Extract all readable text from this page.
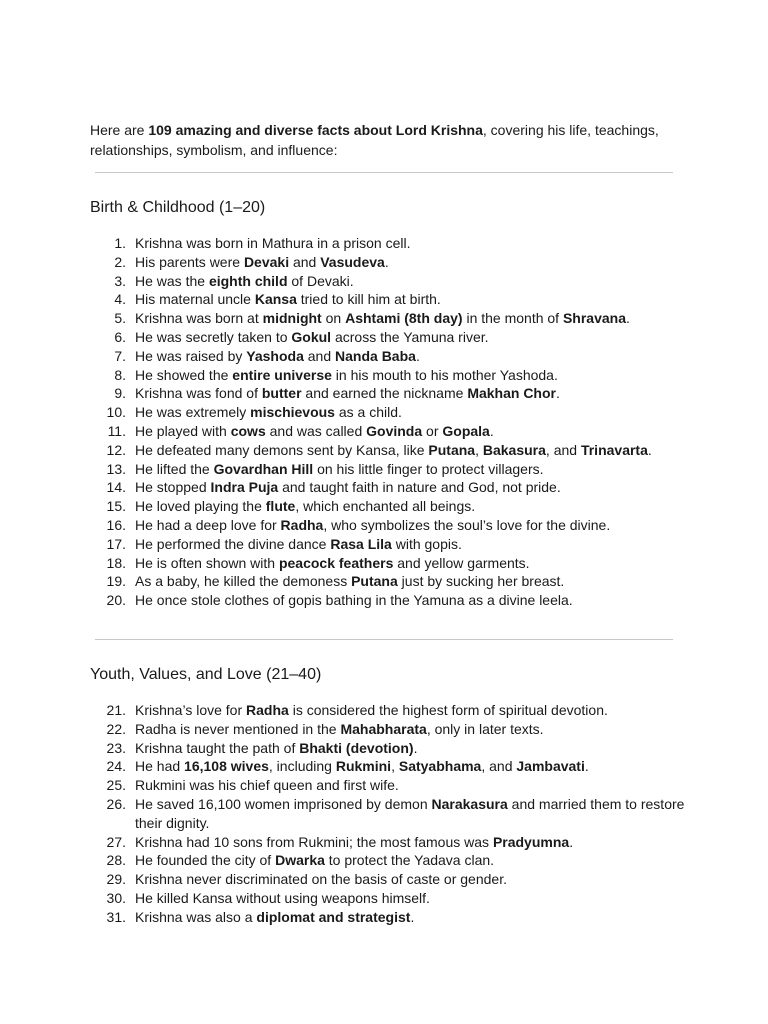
Here are 109 amazing and diverse facts about Lord Krishna, covering his life, teachings, relationships, symbolism, and influence:

Birth & Childhood (1–20)
1. Krishna was born in Mathura in a prison cell.
2. His parents were Devaki and Vasudeva.
3. He was the eighth child of Devaki.
4. His maternal uncle Kansa tried to kill him at birth.
5. Krishna was born at midnight on Ashtami (8th day) in the month of Shravana.
6. He was secretly taken to Gokul across the Yamuna river.
7. He was raised by Yashoda and Nanda Baba.
8. He showed the entire universe in his mouth to his mother Yashoda.
9. Krishna was fond of butter and earned the nickname Makhan Chor.
10. He was extremely mischievous as a child.
11. He played with cows and was called Govinda or Gopala.
12. He defeated many demons sent by Kansa, like Putana, Bakasura, and Trinavarta.
13. He lifted the Govardhan Hill on his little finger to protect villagers.
14. He stopped Indra Puja and taught faith in nature and God, not pride.
15. He loved playing the flute, which enchanted all beings.
16. He had a deep love for Radha, who symbolizes the soul’s love for the divine.
17. He performed the divine dance Rasa Lila with gopis.
18. He is often shown with peacock feathers and yellow garments.
19. As a baby, he killed the demoness Putana just by sucking her breast.
20. He once stole clothes of gopis bathing in the Yamuna as a divine leela.
Youth, Values, and Love (21–40)
21. Krishna’s love for Radha is considered the highest form of spiritual devotion.
22. Radha is never mentioned in the Mahabharata, only in later texts.
23. Krishna taught the path of Bhakti (devotion).
24. He had 16,108 wives, including Rukmini, Satyabhama, and Jambavati.
25. Rukmini was his chief queen and first wife.
26. He saved 16,100 women imprisoned by demon Narakasura and married them to restore their dignity.
27. Krishna had 10 sons from Rukmini; the most famous was Pradyumna.
28. He founded the city of Dwarka to protect the Yadava clan.
29. Krishna never discriminated on the basis of caste or gender.
30. He killed Kansa without using weapons himself.
31. Krishna was also a diplomat and strategist.
